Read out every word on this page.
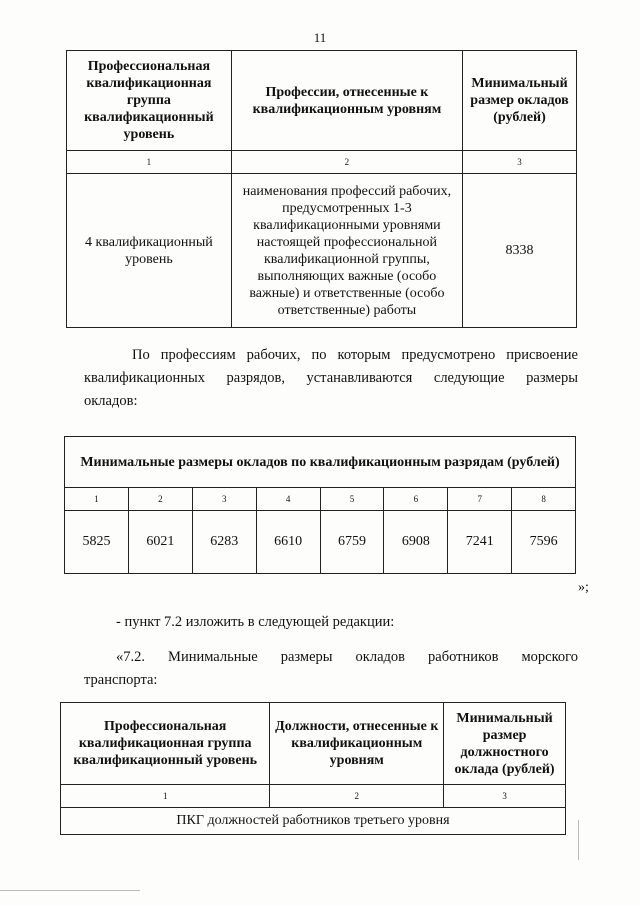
11
Профессиональная квалификационная группа квалификационный уровень	Профессии, отнесенные к квалификационным уровням	Минимальный размер окладов (рублей)
1	2	3
4 квалификационный уровень	наименования профессий рабочих, предусмотренных 1-3 квалификационными уровнями настоящей профессиональной квалификационной группы, выполняющих важные (особо важные) и ответственные (особо ответственные) работы	8338
По профессиям рабочих, по которым предусмотрено присвоение
квалификационных разрядов, устанавливаются следующие размеры
окладов:
Минимальные размеры окладов по квалификационным разрядам (рублей)							
1	2	3	4	5	6	7	8
5825	6021	6283	6610	6759	6908	7241	7596
»;
- пункт 7.2 изложить в следующей редакции:
«7.2. Минимальные размеры окладов работников морского
транспорта:
Профессиональная квалификационная группа квалификационный уровень	Должности, отнесенные к квалификационным уровням	Минимальный размер должностного оклада (рублей)
1	2	3
ПКГ должностей работников третьего уровня		
